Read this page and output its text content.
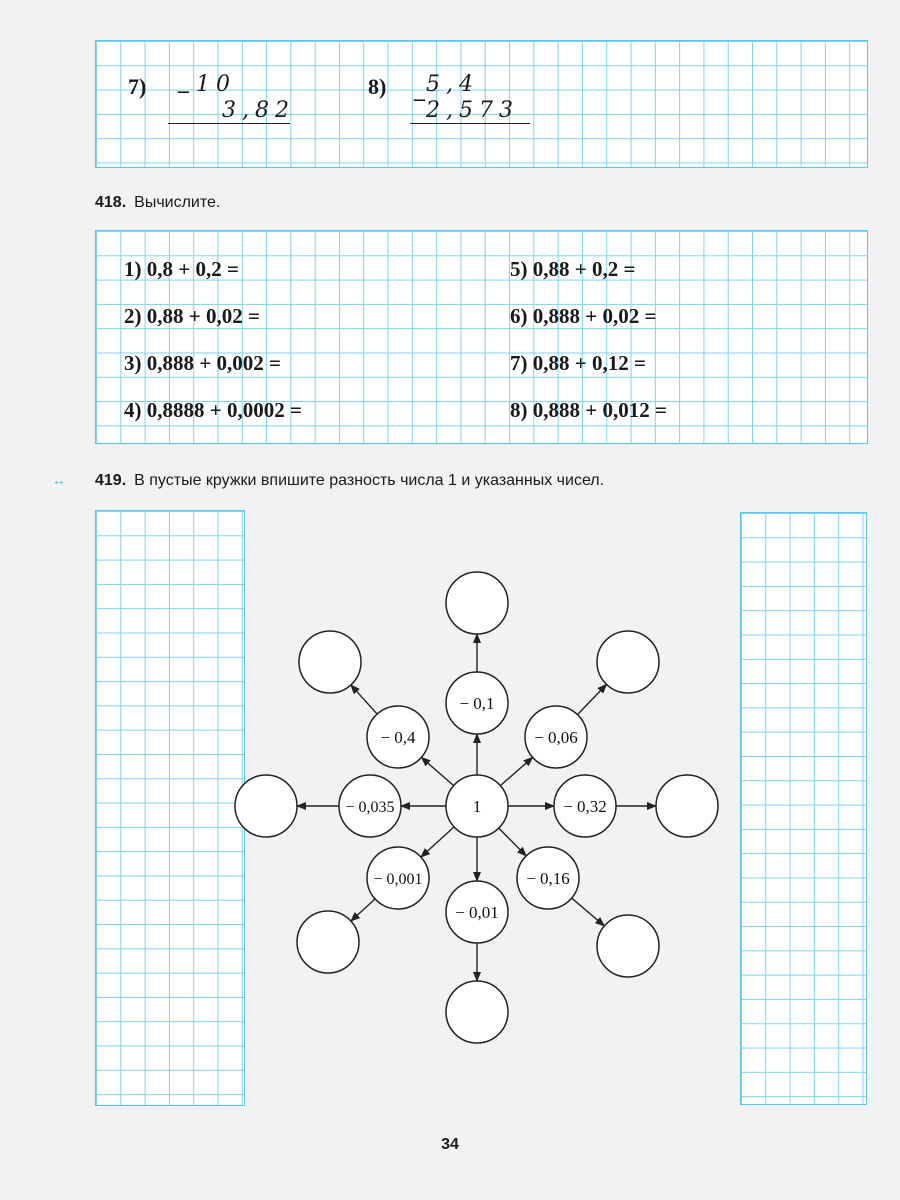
7) _ 10
3,82
8) _ 5,4
2,573
418. Вычислите.
1) 0,8 + 0,2 =
2) 0,88 + 0,02 =
3) 0,888 + 0,002 =
4) 0,8888 + 0,0002 =
5) 0,88 + 0,2 =
6) 0,888 + 0,02 =
7) 0,88 + 0,12 =
8) 0,888 + 0,012 =
↔ 419. В пустые кружки впишите разность числа 1 и указанных чисел.
1
− 0,1
− 0,06
− 0,32
− 0,16
− 0,01
− 0,001
− 0,035
− 0,4
34
